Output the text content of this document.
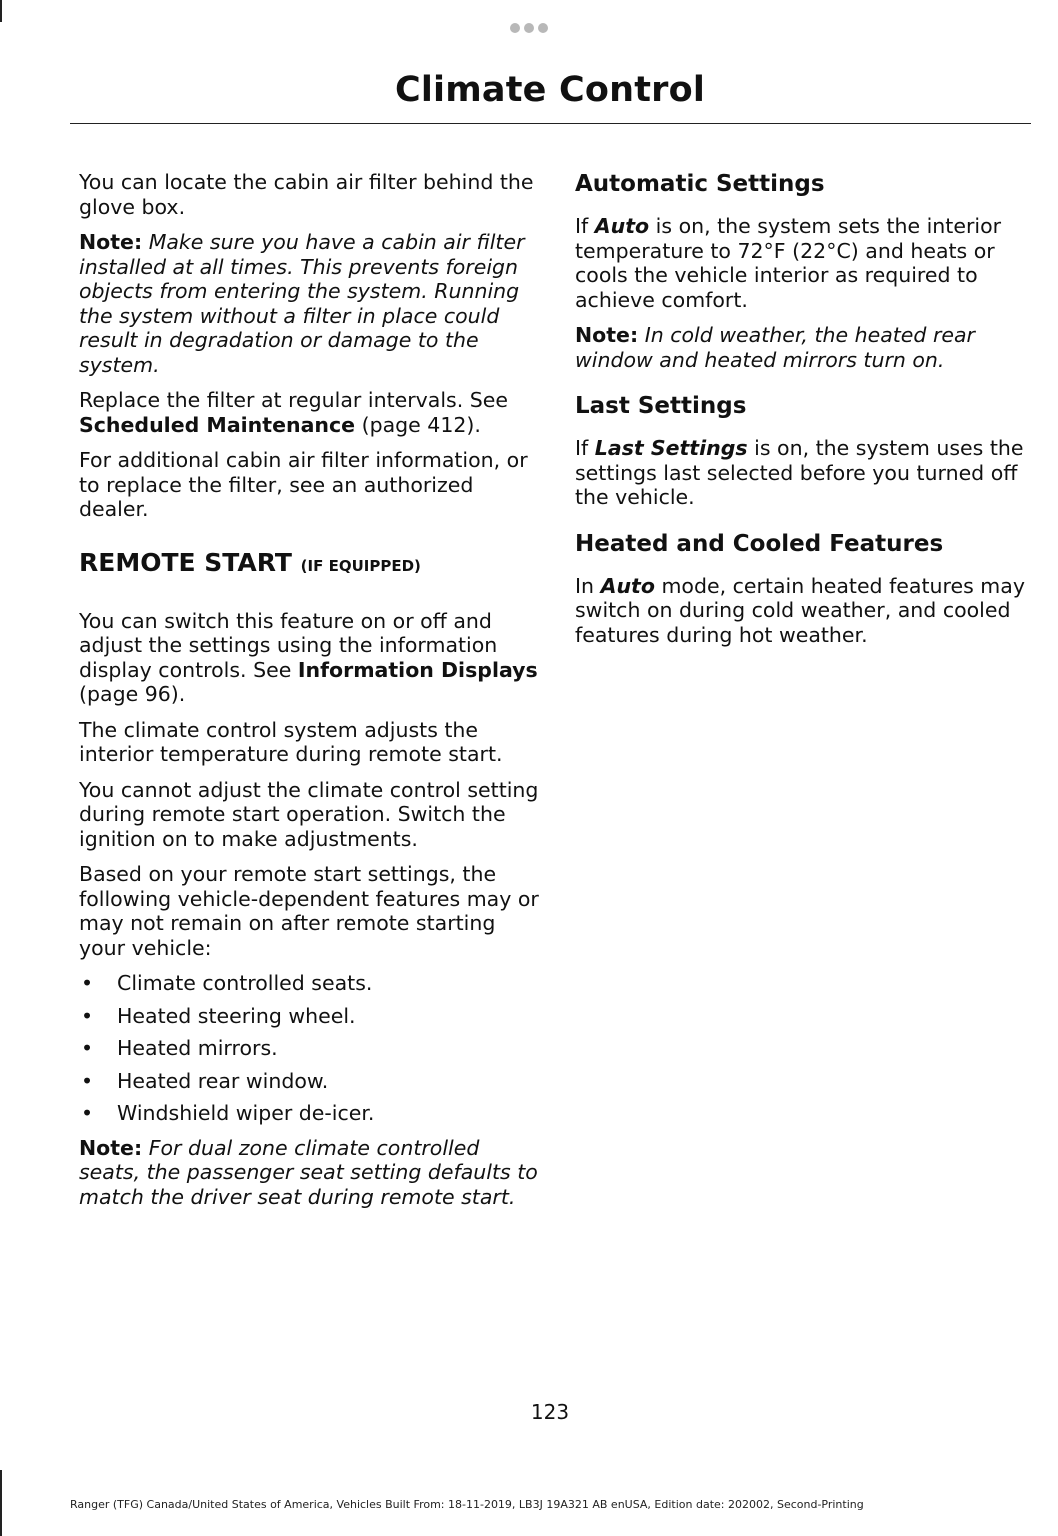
Climate Control

You can locate the cabin air filter behind the glove box.

Note: Make sure you have a cabin air filter installed at all times. This prevents foreign objects from entering the system. Running the system without a filter in place could result in degradation or damage to the system.

Replace the filter at regular intervals. See Scheduled Maintenance (page 412).

For additional cabin air filter information, or to replace the filter, see an authorized dealer.

REMOTE START (IF EQUIPPED)

You can switch this feature on or off and adjust the settings using the information display controls. See Information Displays (page 96).

The climate control system adjusts the interior temperature during remote start.

You cannot adjust the climate control setting during remote start operation. Switch the ignition on to make adjustments.

Based on your remote start settings, the following vehicle-dependent features may or may not remain on after remote starting your vehicle:

• Climate controlled seats.
• Heated steering wheel.
• Heated mirrors.
• Heated rear window.
• Windshield wiper de-icer.

Note: For dual zone climate controlled seats, the passenger seat setting defaults to match the driver seat during remote start.

Automatic Settings

If Auto is on, the system sets the interior temperature to 72°F (22°C) and heats or cools the vehicle interior as required to achieve comfort.

Note: In cold weather, the heated rear window and heated mirrors turn on.

Last Settings

If Last Settings is on, the system uses the settings last selected before you turned off the vehicle.

Heated and Cooled Features

In Auto mode, certain heated features may switch on during cold weather, and cooled features during hot weather.

123
Ranger (TFG) Canada/United States of America, Vehicles Built From: 18-11-2019, LB3J 19A321 AB enUSA, Edition date: 202002, Second-Printing
